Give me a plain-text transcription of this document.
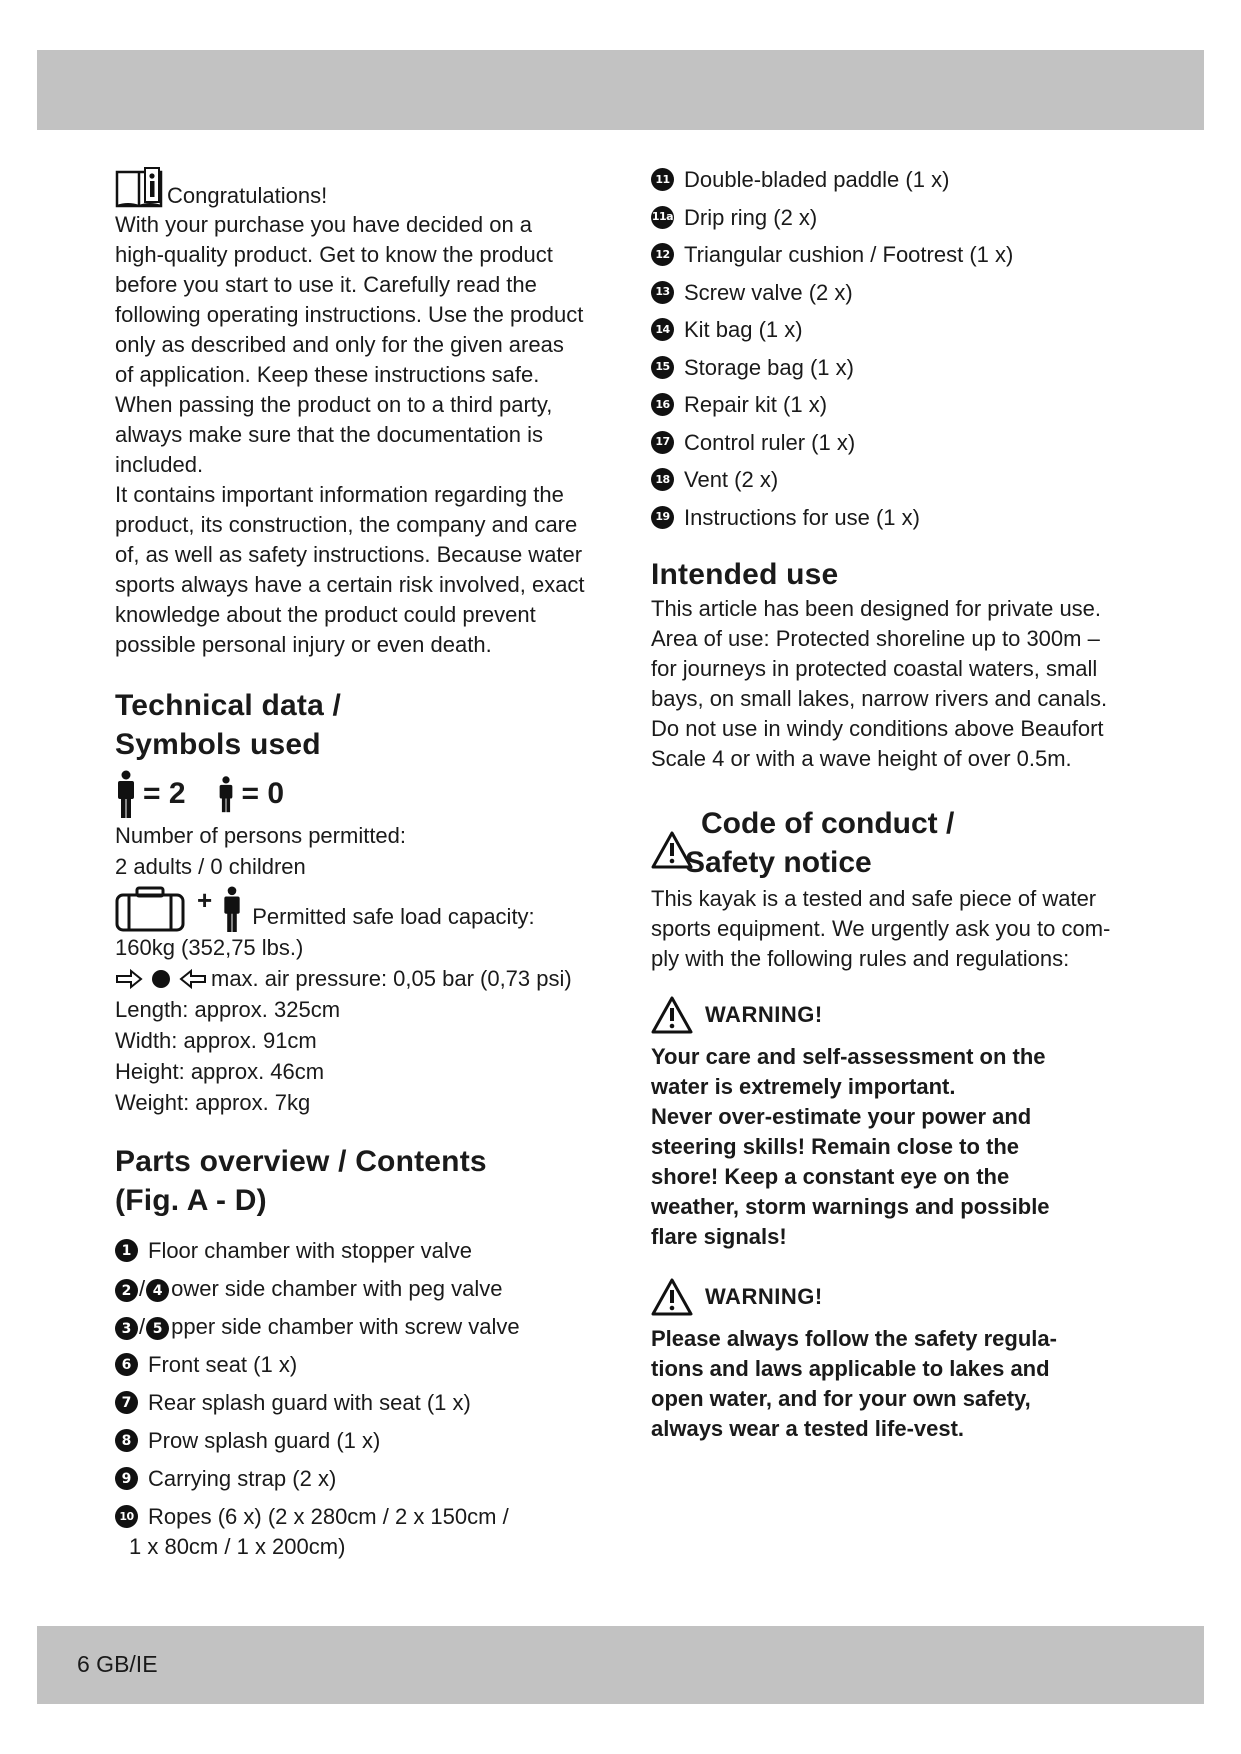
Congratulations!
With your purchase you have decided on a
high-quality product. Get to know the product
before you start to use it. Carefully read the
following operating instructions. Use the product
only as described and only for the given areas
of application. Keep these instructions safe.
When passing the product on to a third party,
always make sure that the documentation is
included.
It contains important information regarding the
product, its construction, the company and care
of, as well as safety instructions. Because water
sports always have a certain risk involved, exact
knowledge about the product could prevent
possible personal injury or even death.
Technical data /
Symbols used
= 2 = 0
Number of persons permitted:
2 adults / 0 children
+
Permitted safe load capacity:
160kg (352,75 lbs.)
max. air pressure: 0,05 bar (0,73 psi)
Length: approx. 325cm
Width: approx. 91cm
Height: approx. 46cm
Weight: approx. 7kg
Parts overview / Contents
(Fig. A - D)
1 Floor chamber with stopper valve
2 / 4 ower side chamber with peg valve
3 / 5 pper side chamber with screw valve
6 Front seat (1 x)
7 Rear splash guard with seat (1 x)
8 Prow splash guard (1 x)
9 Carrying strap (2 x)
10 Ropes (6 x) (2 x 280cm / 2 x 150cm /
1 x 80cm / 1 x 200cm)
11 Double-bladed paddle (1 x)
11a Drip ring (2 x)
12 Triangular cushion / Footrest (1 x)
13 Screw valve (2 x)
14 Kit bag (1 x)
15 Storage bag (1 x)
16 Repair kit (1 x)
17 Control ruler (1 x)
18 Vent (2 x)
19 Instructions for use (1 x)
Intended use
This article has been designed for private use.
Area of use: Protected shoreline up to 300m –
for journeys in protected coastal waters, small
bays, on small lakes, narrow rivers and canals.
Do not use in windy conditions above Beaufort
Scale 4 or with a wave height of over 0.5m.
Code of conduct /
Safety notice
This kayak is a tested and safe piece of water
sports equipment. We urgently ask you to com-
ply with the following rules and regulations:
WARNING!
Your care and self-assessment on the
water is extremely important.
Never over-estimate your power and
steering skills! Remain close to the
shore! Keep a constant eye on the
weather, storm warnings and possible
flare signals!
WARNING!
Please always follow the safety regula-
tions and laws applicable to lakes and
open water, and for your own safety,
always wear a tested life-vest.
6 GB/IE
